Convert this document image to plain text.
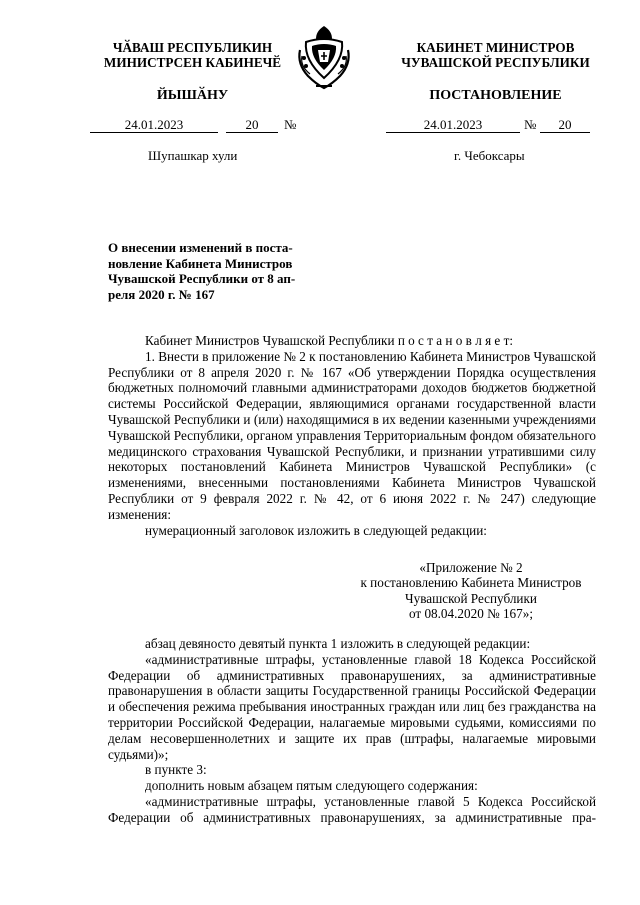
ЧӐВАШ РЕСПУБЛИКИН
МИНИСТРСЕН КАБИНЕЧӖ
ЙЫШӐНУ
КАБИНЕТ МИНИСТРОВ
ЧУВАШСКОЙ РЕСПУБЛИКИ
ПОСТАНОВЛЕНИЕ
24.01.2023	20	№	24.01.2023	№	20
Шупашкар хули	г. Чебоксары
О внесении изменений в поста-
новление Кабинета Министров
Чувашской Республики от 8 ап-
реля 2020 г. № 167

Кабинет Министров Чувашской Республики п о с т а н о в л я е т:

1. Внести в приложение № 2 к постановлению Кабинета Министров Чувашской Республики от 8 апреля 2020 г. № 167 «Об утверждении Порядка осуществления бюджетных полномочий главными администраторами доходов бюджетов бюджетной системы Российской Федерации, являющимися органами государственной власти Чувашской Республики и (или) находящимися в их ведении казенными учреждениями Чувашской Республики, органом управления Территориальным фондом обязательного медицинского страхования Чувашской Республики, и признании утратившими силу некоторых постановлений Кабинета Министров Чувашской Республики» (с изменениями, внесенными постановлениями Кабинета Министров Чувашской Республики от 9 февраля 2022 г. № 42, от 6 июня 2022 г. № 247) следующие изменения:

нумерационный заголовок изложить в следующей редакции:

«Приложение № 2
к постановлению Кабинета Министров
Чувашской Республики
от 08.04.2020 № 167»;

абзац девяносто девятый пункта 1 изложить в следующей редакции:

«административные штрафы, установленные главой 18 Кодекса Российской Федерации об административных правонарушениях, за административные правонарушения в области защиты Государственной границы Российской Федерации и обеспечения режима пребывания иностранных граждан или лиц без гражданства на территории Российской Федерации, налагаемые мировыми судьями, комиссиями по делам несовершеннолетних и защите их прав (штрафы, налагаемые мировыми судьями)»;

в пункте 3:

дополнить новым абзацем пятым следующего содержания:

«административные штрафы, установленные главой 5 Кодекса Российской Федерации об административных правонарушениях, за административные пра-
